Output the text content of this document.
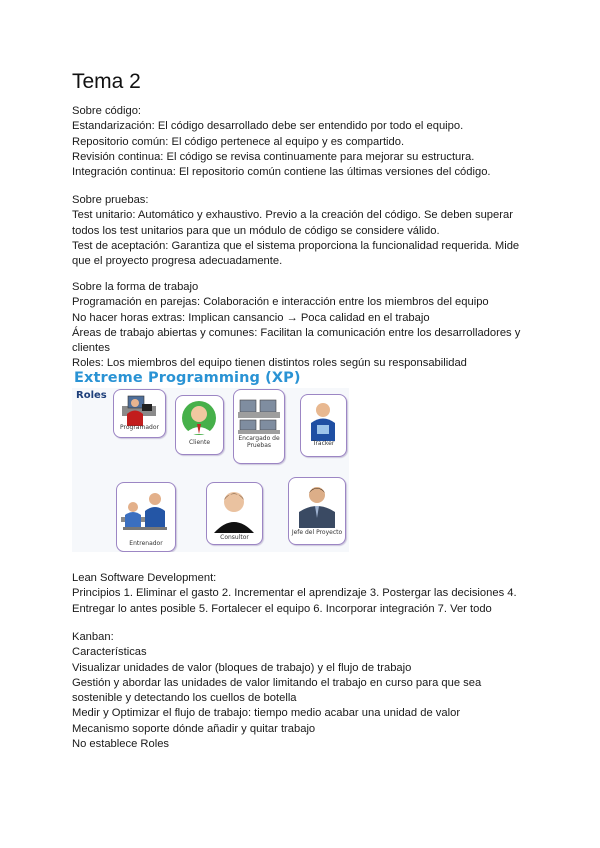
Tema 2

Sobre código:

Estandarización: El código desarrollado debe ser entendido por todo el equipo.

Repositorio común: El código pertenece al equipo y es compartido.

Revisión continua: El código se revisa continuamente para mejorar su estructura.

Integración continua: El repositorio común contiene las últimas versiones del código.

Sobre pruebas:

Test unitario: Automático y exhaustivo. Previo a la creación del código. Se deben superar todos los test unitarios para que un módulo de código se considere válido.

Test de aceptación: Garantiza que el sistema proporciona la funcionalidad requerida. Mide que el proyecto progresa adecuadamente.

Sobre la forma de trabajo

Programación en parejas: Colaboración e interacción entre los miembros del equipo

No hacer horas extras: Implican cansancio → Poca calidad en el trabajo

Áreas de trabajo abiertas y comunes: Facilitan la comunicación entre los desarrolladores y clientes

Roles: Los miembros del equipo tienen distintos roles según su responsabilidad

Extreme Programming (XP)
Roles
Programador
Cliente
Encargado de Pruebas	Tracker
Entrenador
Consultor
Jefe del Proyecto

Lean Software Development:

Principios 1. Eliminar el gasto 2. Incrementar el aprendizaje 3. Postergar las decisiones 4. Entregar lo antes posible 5. Fortalecer el equipo 6. Incorporar integración 7. Ver todo

Kanban:

Características

Visualizar unidades de valor (bloques de trabajo) y el flujo de trabajo

Gestión y abordar las unidades de valor limitando el trabajo en curso para que sea sostenible y detectando los cuellos de botella

Medir y Optimizar el flujo de trabajo: tiempo medio acabar una unidad de valor

Mecanismo soporte dónde añadir y quitar trabajo

No establece Roles
